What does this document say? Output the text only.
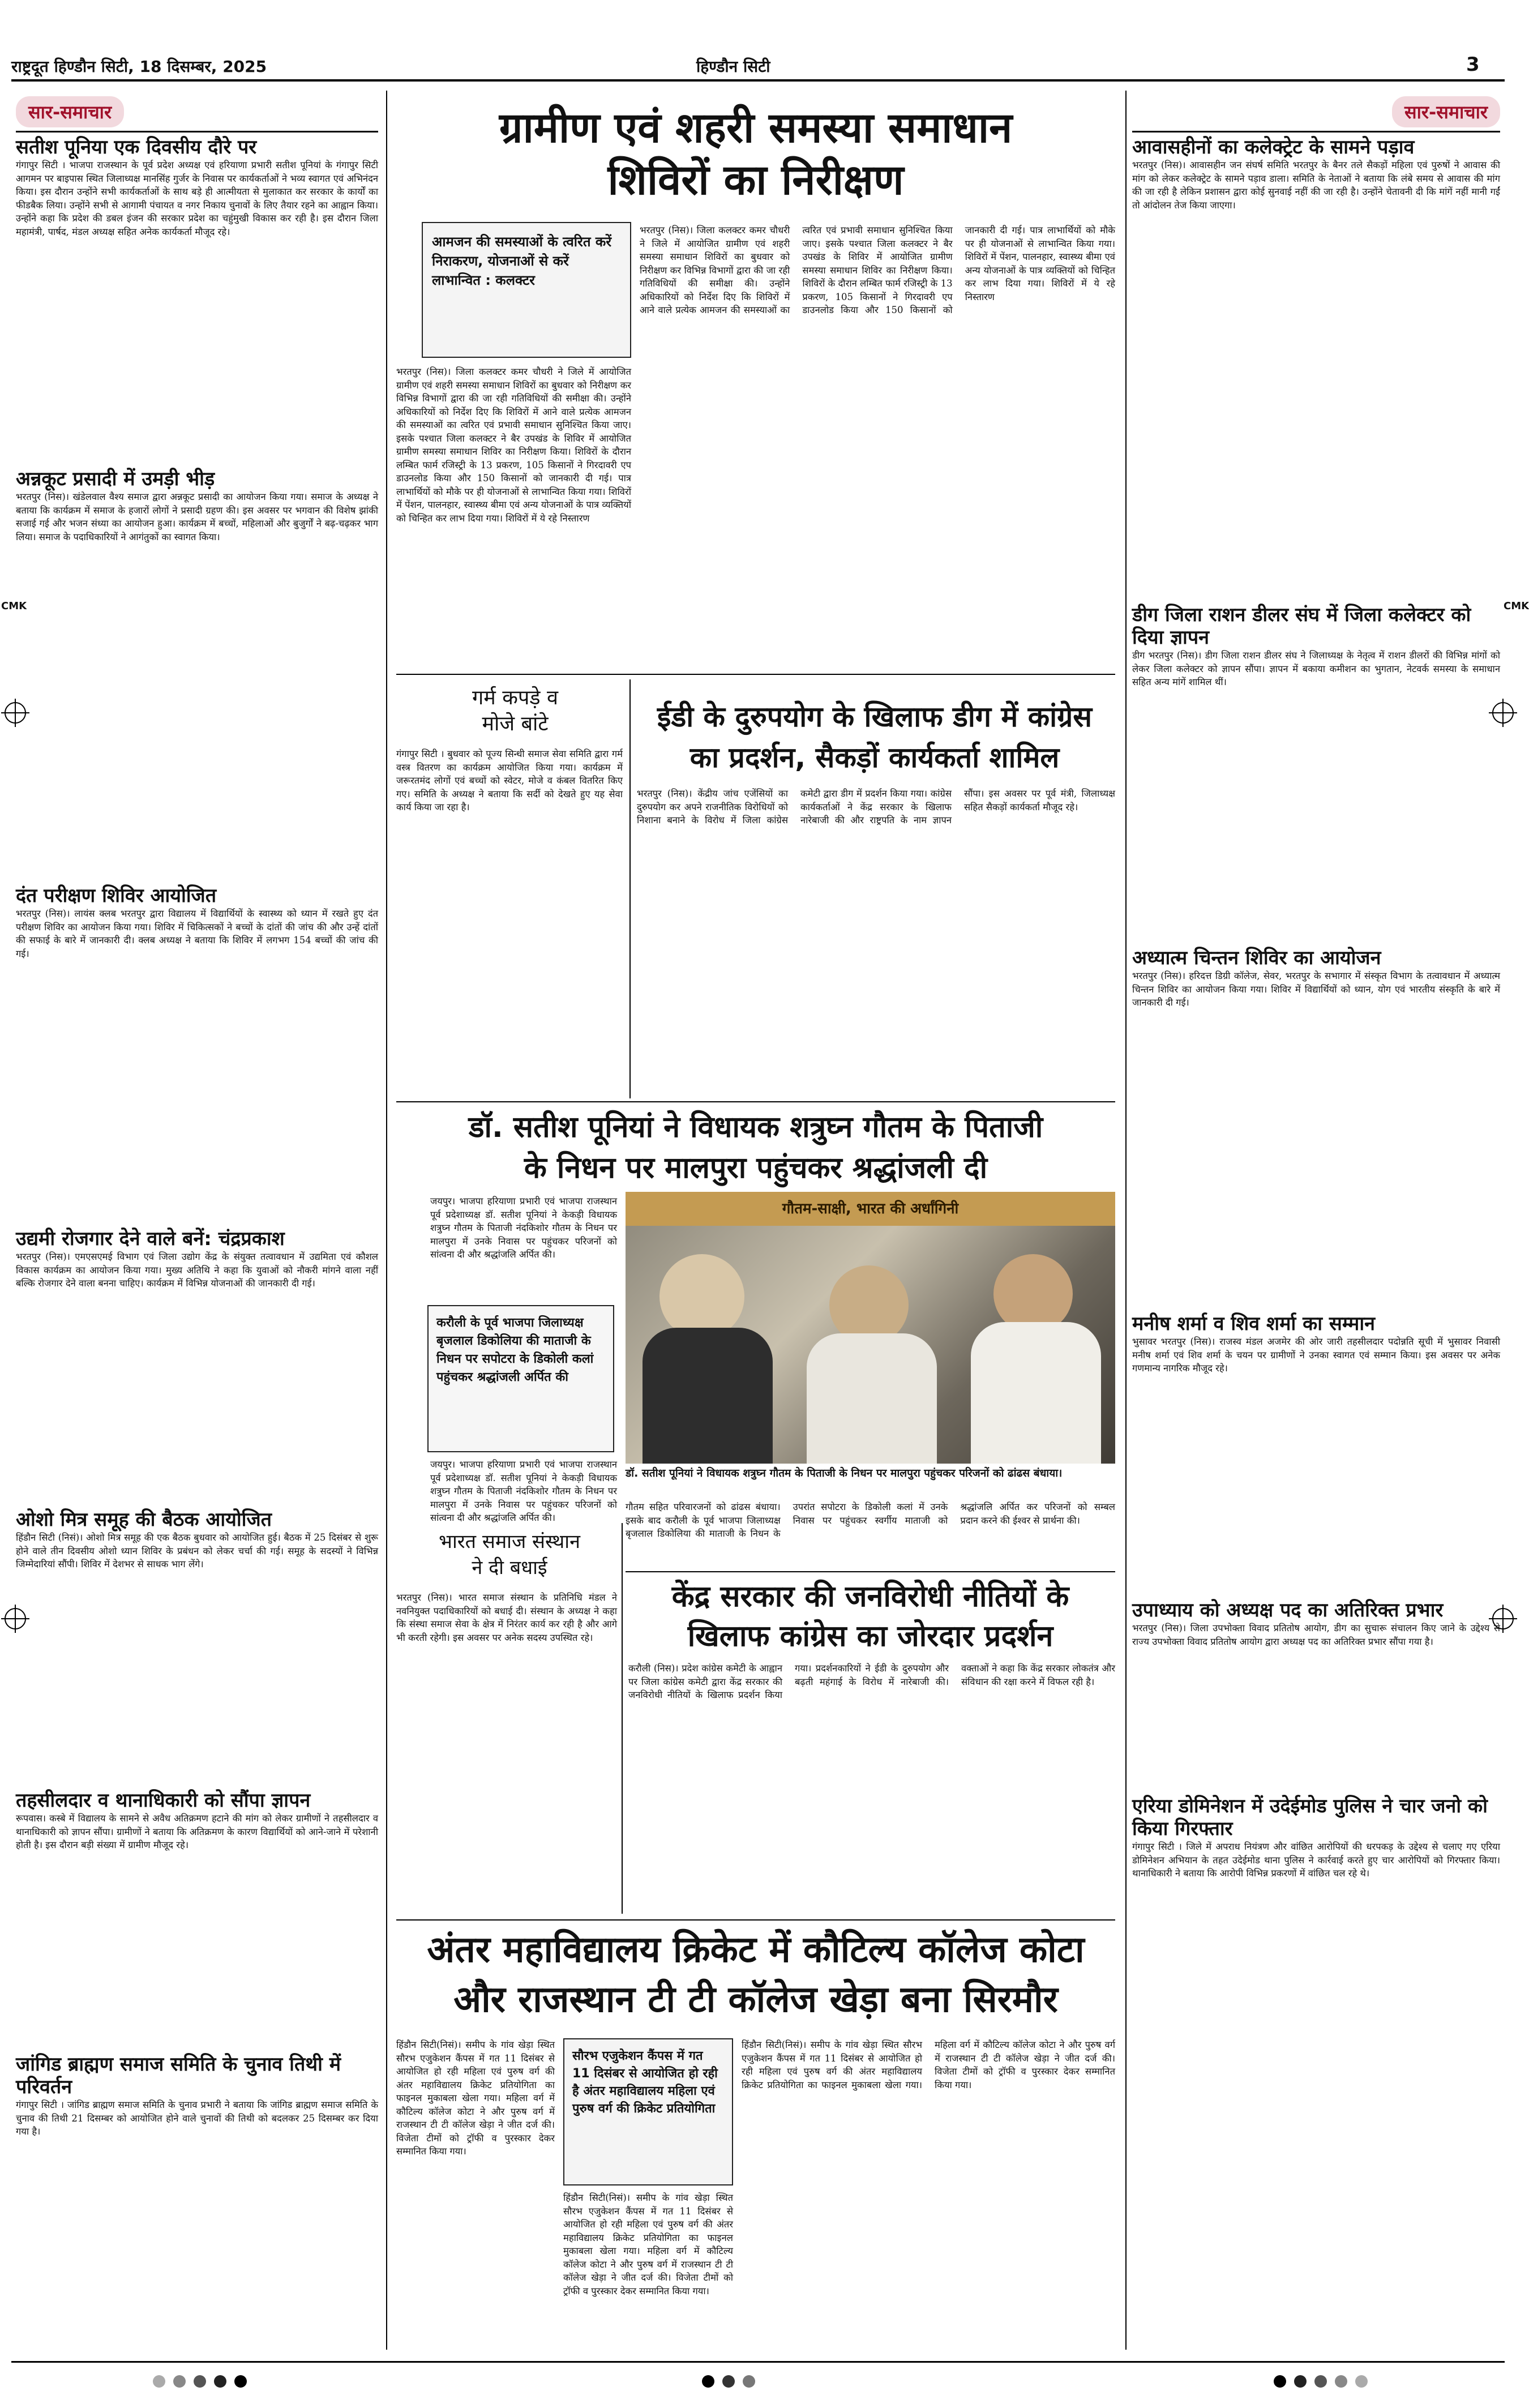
राष्ट्रदूत हिण्डौन सिटी, 18 दिसम्बर, 2025	हिण्डौन सिटी	3
CMK	CMK
सार-समाचार
सतीश पूनिया एक दिवसीय दौरे पर
गंगापुर सिटी । भाजपा राजस्थान के पूर्व प्रदेश अध्यक्ष एवं हरियाणा प्रभारी सतीश पूनियां के गंगापुर सिटी आगमन पर बाइपास स्थित जिलाध्यक्ष मानसिंह गुर्जर के निवास पर कार्यकर्ताओं ने भव्य स्वागत एवं अभिनंदन किया। इस दौरान उन्होंने सभी कार्यकर्ताओं के साथ बड़े ही आत्मीयता से मुलाकात कर सरकार के कार्यों का फीडबैक लिया। उन्होंने सभी से आगामी पंचायत व नगर निकाय चुनावों के लिए तैयार रहने का आह्वान किया। उन्होंने कहा कि प्रदेश की डबल इंजन की सरकार प्रदेश का चहुंमुखी विकास कर रही है। इस दौरान जिला महामंत्री, पार्षद, मंडल अध्यक्ष सहित अनेक कार्यकर्ता मौजूद रहे।
अन्नकूट प्रसादी में उमड़ी भीड़
भरतपुर (निस)। खंडेलवाल वैश्य समाज द्वारा अन्नकूट प्रसादी का आयोजन किया गया। समाज के अध्यक्ष ने बताया कि कार्यक्रम में समाज के हजारों लोगों ने प्रसादी ग्रहण की। इस अवसर पर भगवान की विशेष झांकी सजाई गई और भजन संध्या का आयोजन हुआ। कार्यक्रम में बच्चों, महिलाओं और बुजुर्गों ने बढ़-चढ़कर भाग लिया। समाज के पदाधिकारियों ने आगंतुकों का स्वागत किया।
दंत परीक्षण शिविर आयोजित
भरतपुर (निस)। लायंस क्लब भरतपुर द्वारा विद्यालय में विद्यार्थियों के स्वास्थ्य को ध्यान में रखते हुए दंत परीक्षण शिविर का आयोजन किया गया। शिविर में चिकित्सकों ने बच्चों के दांतों की जांच की और उन्हें दांतों की सफाई के बारे में जानकारी दी। क्लब अध्यक्ष ने बताया कि शिविर में लगभग 154 बच्चों की जांच की गई।
उद्यमी रोजगार देने वाले बनें: चंद्रप्रकाश
भरतपुर (निस)। एमएसएमई विभाग एवं जिला उद्योग केंद्र के संयुक्त तत्वावधान में उद्यमिता एवं कौशल विकास कार्यक्रम का आयोजन किया गया। मुख्य अतिथि ने कहा कि युवाओं को नौकरी मांगने वाला नहीं बल्कि रोजगार देने वाला बनना चाहिए। कार्यक्रम में विभिन्न योजनाओं की जानकारी दी गई।
ओशो मित्र समूह की बैठक आयोजित
हिंडौन सिटी (निसं)। ओशो मित्र समूह की एक बैठक बुधवार को आयोजित हुई। बैठक में 25 दिसंबर से शुरू होने वाले तीन दिवसीय ओशो ध्यान शिविर के प्रबंधन को लेकर चर्चा की गई। समूह के सदस्यों ने विभिन्न जिम्मेदारियां सौंपी। शिविर में देशभर से साधक भाग लेंगे।
तहसीलदार व थानाधिकारी को सौंपा ज्ञापन
रूपवास। कस्बे में विद्यालय के सामने से अवैध अतिक्रमण हटाने की मांग को लेकर ग्रामीणों ने तहसीलदार व थानाधिकारी को ज्ञापन सौंपा। ग्रामीणों ने बताया कि अतिक्रमण के कारण विद्यार्थियों को आने-जाने में परेशानी होती है। इस दौरान बड़ी संख्या में ग्रामीण मौजूद रहे।
जांगिड ब्राह्मण समाज समिति के चुनाव तिथी में परिवर्तन
गंगापुर सिटी । जांगिड ब्राह्मण समाज समिति के चुनाव प्रभारी ने बताया कि जांगिड ब्राह्मण समाज समिति के चुनाव की तिथी 21 दिसम्बर को आयोजित होने वाले चुनावों की तिथी को बदलकर 25 दिसम्बर कर दिया गया है।
सार-समाचार
आवासहीनों का कलेक्ट्रेट के सामने पड़ाव
भरतपुर (निस)। आवासहीन जन संघर्ष समिति भरतपुर के बैनर तले सैकड़ों महिला एवं पुरुषों ने आवास की मांग को लेकर कलेक्ट्रेट के सामने पड़ाव डाला। समिति के नेताओं ने बताया कि लंबे समय से आवास की मांग की जा रही है लेकिन प्रशासन द्वारा कोई सुनवाई नहीं की जा रही है। उन्होंने चेतावनी दी कि मांगें नहीं मानी गईं तो आंदोलन तेज किया जाएगा।
डीग जिला राशन डीलर संघ में जिला कलेक्टर को दिया ज्ञापन
डीग भरतपुर (निस)। डीग जिला राशन डीलर संघ ने जिलाध्यक्ष के नेतृत्व में राशन डीलरों की विभिन्न मांगों को लेकर जिला कलेक्टर को ज्ञापन सौंपा। ज्ञापन में बकाया कमीशन का भुगतान, नेटवर्क समस्या के समाधान सहित अन्य मांगें शामिल थीं।
अध्यात्म चिन्तन शिविर का आयोजन
भरतपुर (निस)। हरिदत्त डिग्री कॉलेज, सेवर, भरतपुर के सभागार में संस्कृत विभाग के तत्वावधान में अध्यात्म चिन्तन शिविर का आयोजन किया गया। शिविर में विद्यार्थियों को ध्यान, योग एवं भारतीय संस्कृति के बारे में जानकारी दी गई।
मनीष शर्मा व शिव शर्मा का सम्मान
भुसावर भरतपुर (निस)। राजस्व मंडल अजमेर की ओर जारी तहसीलदार पदोन्नति सूची में भुसावर निवासी मनीष शर्मा एवं शिव शर्मा के चयन पर ग्रामीणों ने उनका स्वागत एवं सम्मान किया। इस अवसर पर अनेक गणमान्य नागरिक मौजूद रहे।
उपाध्याय को अध्यक्ष पद का अतिरिक्त प्रभार
भरतपुर (निस)। जिला उपभोक्ता विवाद प्रतितोष आयोग, डीग का सुचारू संचालन किए जाने के उद्देश्य से राज्य उपभोक्ता विवाद प्रतितोष आयोग द्वारा अध्यक्ष पद का अतिरिक्त प्रभार सौंपा गया है।
एरिया डोमिनेशन में उदेईमोड पुलिस ने चार जनो को किया गिरफ्तार
गंगापुर सिटी । जिले में अपराध नियंत्रण और वांछित आरोपियों की धरपकड़ के उद्देश्य से चलाए गए एरिया डोमिनेशन अभियान के तहत उदेईमोड थाना पुलिस ने कार्रवाई करते हुए चार आरोपियों को गिरफ्तार किया। थानाधिकारी ने बताया कि आरोपी विभिन्न प्रकरणों में वांछित चल रहे थे।
ग्रामीण एवं शहरी समस्या समाधान
शिविरों का निरीक्षण
आमजन की समस्याओं के त्वरित करें निराकरण, योजनाओं से करें लाभान्वित : कलक्टर
भरतपुर (निस)। जिला कलक्टर कमर चौधरी ने जिले में आयोजित ग्रामीण एवं शहरी समस्या समाधान शिविरों का बुधवार को निरीक्षण कर विभिन्न विभागों द्वारा की जा रही गतिविधियों की समीक्षा की। उन्होंने अधिकारियों को निर्देश दिए कि शिविरों में आने वाले प्रत्येक आमजन की समस्याओं का त्वरित एवं प्रभावी समाधान सुनिश्चित किया जाए। इसके पश्चात जिला कलक्टर ने बैर उपखंड के शिविर में आयोजित ग्रामीण समस्या समाधान शिविर का निरीक्षण किया। शिविरों के दौरान लम्बित फार्म रजिस्ट्री के 13 प्रकरण, 105 किसानों ने गिरदावरी एप डाउनलोड किया और 150 किसानों को जानकारी दी गई। पात्र लाभार्थियों को मौके पर ही योजनाओं से लाभान्वित किया गया। शिविरों में पेंशन, पालनहार, स्वास्थ्य बीमा एवं अन्य योजनाओं के पात्र व्यक्तियों को चिन्हित कर लाभ दिया गया। शिविरों में ये रहे निस्तारण
भरतपुर (निस)। जिला कलक्टर कमर चौधरी ने जिले में आयोजित ग्रामीण एवं शहरी समस्या समाधान शिविरों का बुधवार को निरीक्षण कर विभिन्न विभागों द्वारा की जा रही गतिविधियों की समीक्षा की। उन्होंने अधिकारियों को निर्देश दिए कि शिविरों में आने वाले प्रत्येक आमजन की समस्याओं का त्वरित एवं प्रभावी समाधान सुनिश्चित किया जाए। इसके पश्चात जिला कलक्टर ने बैर उपखंड के शिविर में आयोजित ग्रामीण समस्या समाधान शिविर का निरीक्षण किया। शिविरों के दौरान लम्बित फार्म रजिस्ट्री के 13 प्रकरण, 105 किसानों ने गिरदावरी एप डाउनलोड किया और 150 किसानों को जानकारी दी गई। पात्र लाभार्थियों को मौके पर ही योजनाओं से लाभान्वित किया गया। शिविरों में पेंशन, पालनहार, स्वास्थ्य बीमा एवं अन्य योजनाओं के पात्र व्यक्तियों को चिन्हित कर लाभ दिया गया। शिविरों में ये रहे निस्तारण
गर्म कपड़े व
मोजे बांटे
गंगापुर सिटी । बुधवार को पूज्य सिन्धी समाज सेवा समिति द्वारा गर्म वस्त्र वितरण का कार्यक्रम आयोजित किया गया। कार्यक्रम में जरूरतमंद लोगों एवं बच्चों को स्वेटर, मोजे व कंबल वितरित किए गए। समिति के अध्यक्ष ने बताया कि सर्दी को देखते हुए यह सेवा कार्य किया जा रहा है।
ईडी के दुरुपयोग के खिलाफ डीग में कांग्रेस
का प्रदर्शन, सैकड़ों कार्यकर्ता शामिल
भरतपुर (निस)। केंद्रीय जांच एजेंसियों का दुरुपयोग कर अपने राजनीतिक विरोधियों को निशाना बनाने के विरोध में जिला कांग्रेस कमेटी द्वारा डीग में प्रदर्शन किया गया। कांग्रेस कार्यकर्ताओं ने केंद्र सरकार के खिलाफ नारेबाजी की और राष्ट्रपति के नाम ज्ञापन सौंपा। इस अवसर पर पूर्व मंत्री, जिलाध्यक्ष सहित सैकड़ों कार्यकर्ता मौजूद रहे।
डॉ. सतीश पूनियां ने विधायक शत्रुघ्न गौतम के पिताजी
के निधन पर मालपुरा पहुंचकर श्रद्धांजली दी
जयपुर। भाजपा हरियाणा प्रभारी एवं भाजपा राजस्थान पूर्व प्रदेशाध्यक्ष डॉ. सतीश पूनियां ने केकड़ी विधायक शत्रुघ्न गौतम के पिताजी नंदकिशोर गौतम के निधन पर मालपुरा में उनके निवास पर पहुंचकर परिजनों को सांत्वना दी और श्रद्धांजलि अर्पित की।
करौली के पूर्व भाजपा जिलाध्यक्ष बृजलाल डिकोलिया की माताजी के निधन पर सपोटरा के डिकोली कलां पहुंचकर श्रद्धांजली अर्पित की
गौतम-साक्षी, भारत की अर्धांगिनी
डॉ. सतीश पूनियां ने विधायक शत्रुघ्न गौतम के पिताजी के निधन पर मालपुरा पहुंचकर परिजनों को ढांढस बंधाया।
गौतम सहित परिवारजनों को ढांढस बंधाया। इसके बाद करौली के पूर्व भाजपा जिलाध्यक्ष बृजलाल डिकोलिया की माताजी के निधन के उपरांत सपोटरा के डिकोली कलां में उनके निवास पर पहुंचकर स्वर्गीय माताजी को श्रद्धांजलि अर्पित कर परिजनों को सम्बल प्रदान करने की ईश्वर से प्रार्थना की।
जयपुर। भाजपा हरियाणा प्रभारी एवं भाजपा राजस्थान पूर्व प्रदेशाध्यक्ष डॉ. सतीश पूनियां ने केकड़ी विधायक शत्रुघ्न गौतम के पिताजी नंदकिशोर गौतम के निधन पर मालपुरा में उनके निवास पर पहुंचकर परिजनों को सांत्वना दी और श्रद्धांजलि अर्पित की।
भारत समाज संस्थान
ने दी बधाई
भरतपुर (निस)। भारत समाज संस्थान के प्रतिनिधि मंडल ने नवनियुक्त पदाधिकारियों को बधाई दी। संस्थान के अध्यक्ष ने कहा कि संस्था समाज सेवा के क्षेत्र में निरंतर कार्य कर रही है और आगे भी करती रहेगी। इस अवसर पर अनेक सदस्य उपस्थित रहे।
केंद्र सरकार की जनविरोधी नीतियों के
खिलाफ कांग्रेस का जोरदार प्रदर्शन
करौली (निस)। प्रदेश कांग्रेस कमेटी के आह्वान पर जिला कांग्रेस कमेटी द्वारा केंद्र सरकार की जनविरोधी नीतियों के खिलाफ प्रदर्शन किया गया। प्रदर्शनकारियों ने ईडी के दुरुपयोग और बढ़ती महंगाई के विरोध में नारेबाजी की। वक्ताओं ने कहा कि केंद्र सरकार लोकतंत्र और संविधान की रक्षा करने में विफल रही है।
अंतर महाविद्यालय क्रिकेट में कौटिल्य कॉलेज कोटा
और राजस्थान टी टी कॉलेज खेड़ा बना सिरमौर
सौरभ एजुकेशन कैंपस में गत 11 दिसंबर से आयोजित हो रही है अंतर महाविद्यालय महिला एवं पुरुष वर्ग की क्रिकेट प्रतियोगिता
हिंडौन सिटी(निसं)। समीप के गांव खेड़ा स्थित सौरभ एजुकेशन कैंपस में गत 11 दिसंबर से आयोजित हो रही महिला एवं पुरुष वर्ग की अंतर महाविद्यालय क्रिकेट प्रतियोगिता का फाइनल मुकाबला खेला गया। महिला वर्ग में कौटिल्य कॉलेज कोटा ने और पुरुष वर्ग में राजस्थान टी टी कॉलेज खेड़ा ने जीत दर्ज की। विजेता टीमों को ट्रॉफी व पुरस्कार देकर सम्मानित किया गया।
हिंडौन सिटी(निसं)। समीप के गांव खेड़ा स्थित सौरभ एजुकेशन कैंपस में गत 11 दिसंबर से आयोजित हो रही महिला एवं पुरुष वर्ग की अंतर महाविद्यालय क्रिकेट प्रतियोगिता का फाइनल मुकाबला खेला गया। महिला वर्ग में कौटिल्य कॉलेज कोटा ने और पुरुष वर्ग में राजस्थान टी टी कॉलेज खेड़ा ने जीत दर्ज की। विजेता टीमों को ट्रॉफी व पुरस्कार देकर सम्मानित किया गया।
हिंडौन सिटी(निसं)। समीप के गांव खेड़ा स्थित सौरभ एजुकेशन कैंपस में गत 11 दिसंबर से आयोजित हो रही महिला एवं पुरुष वर्ग की अंतर महाविद्यालय क्रिकेट प्रतियोगिता का फाइनल मुकाबला खेला गया। महिला वर्ग में कौटिल्य कॉलेज कोटा ने और पुरुष वर्ग में राजस्थान टी टी कॉलेज खेड़ा ने जीत दर्ज की। विजेता टीमों को ट्रॉफी व पुरस्कार देकर सम्मानित किया गया।
